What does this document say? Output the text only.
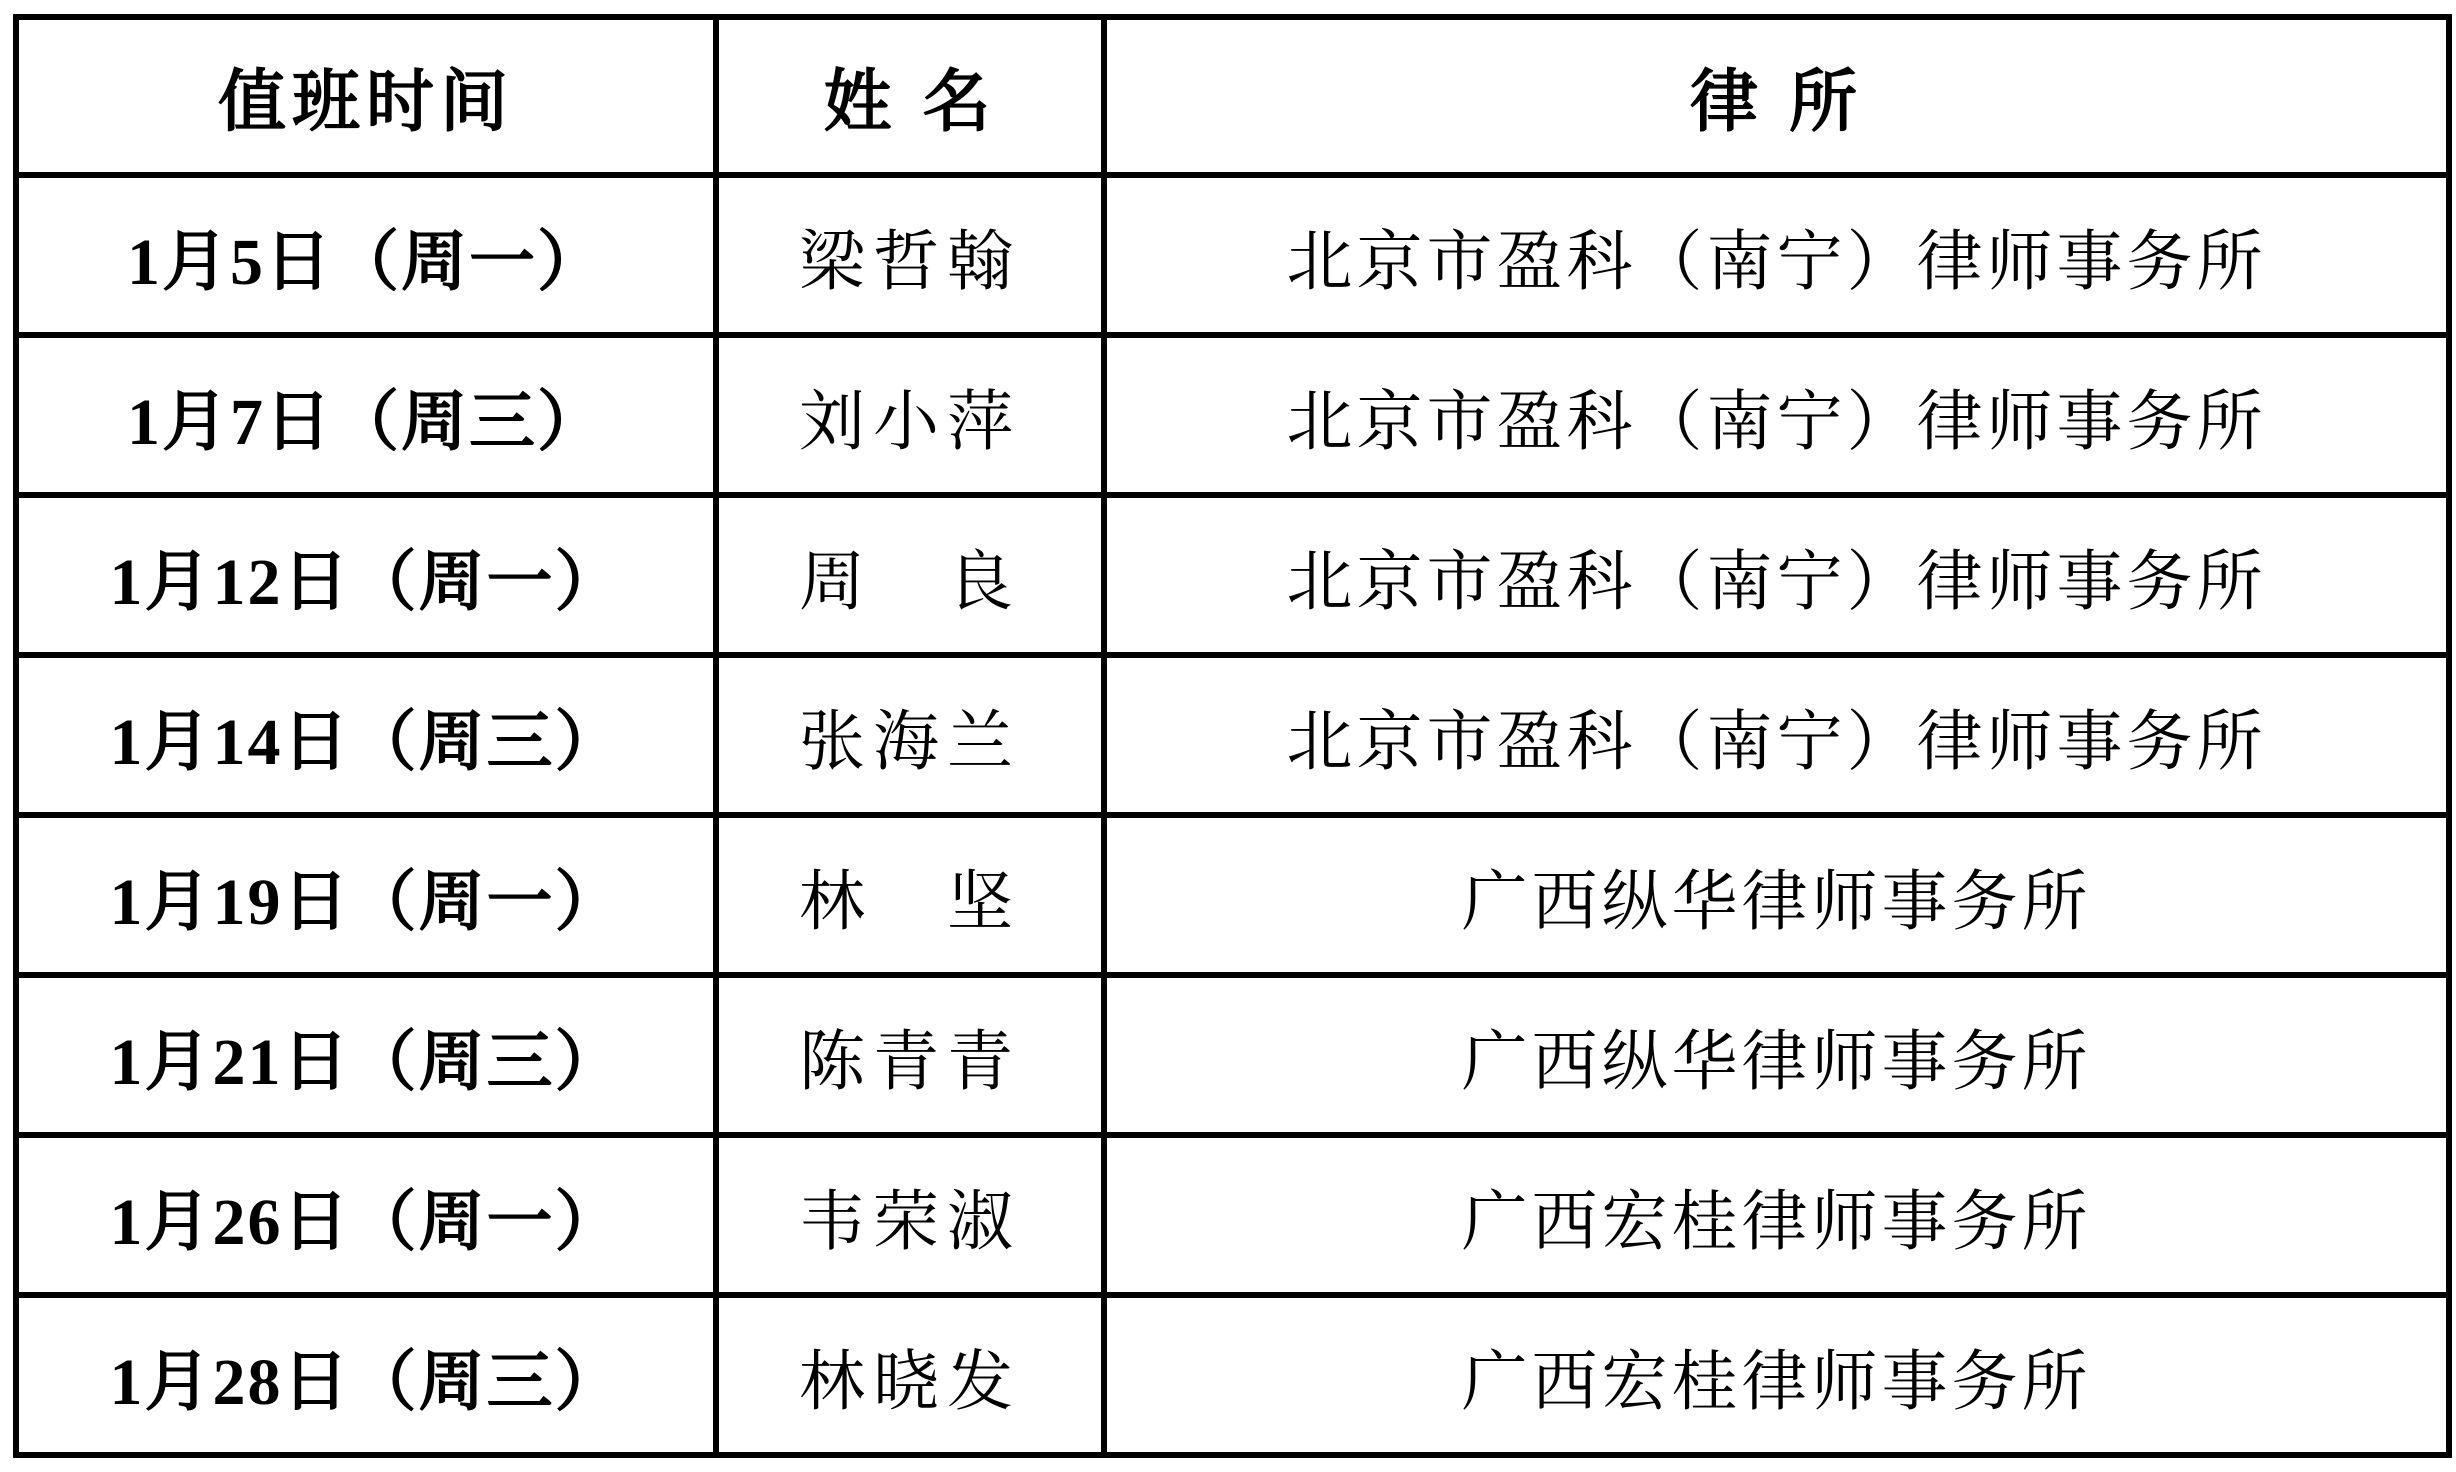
值班时间	姓 名	律 所
1月5日（周一）	梁哲翰	北京市盈科（南宁）律师事务所
1月7日（周三）	刘小萍	北京市盈科（南宁）律师事务所
1月12日（周一）	周　良	北京市盈科（南宁）律师事务所
1月14日（周三）	张海兰	北京市盈科（南宁）律师事务所
1月19日（周一）	林　坚	广西纵华律师事务所
1月21日（周三）	陈青青	广西纵华律师事务所
1月26日（周一）	韦荣淑	广西宏桂律师事务所
1月28日（周三）	林晓发	广西宏桂律师事务所
